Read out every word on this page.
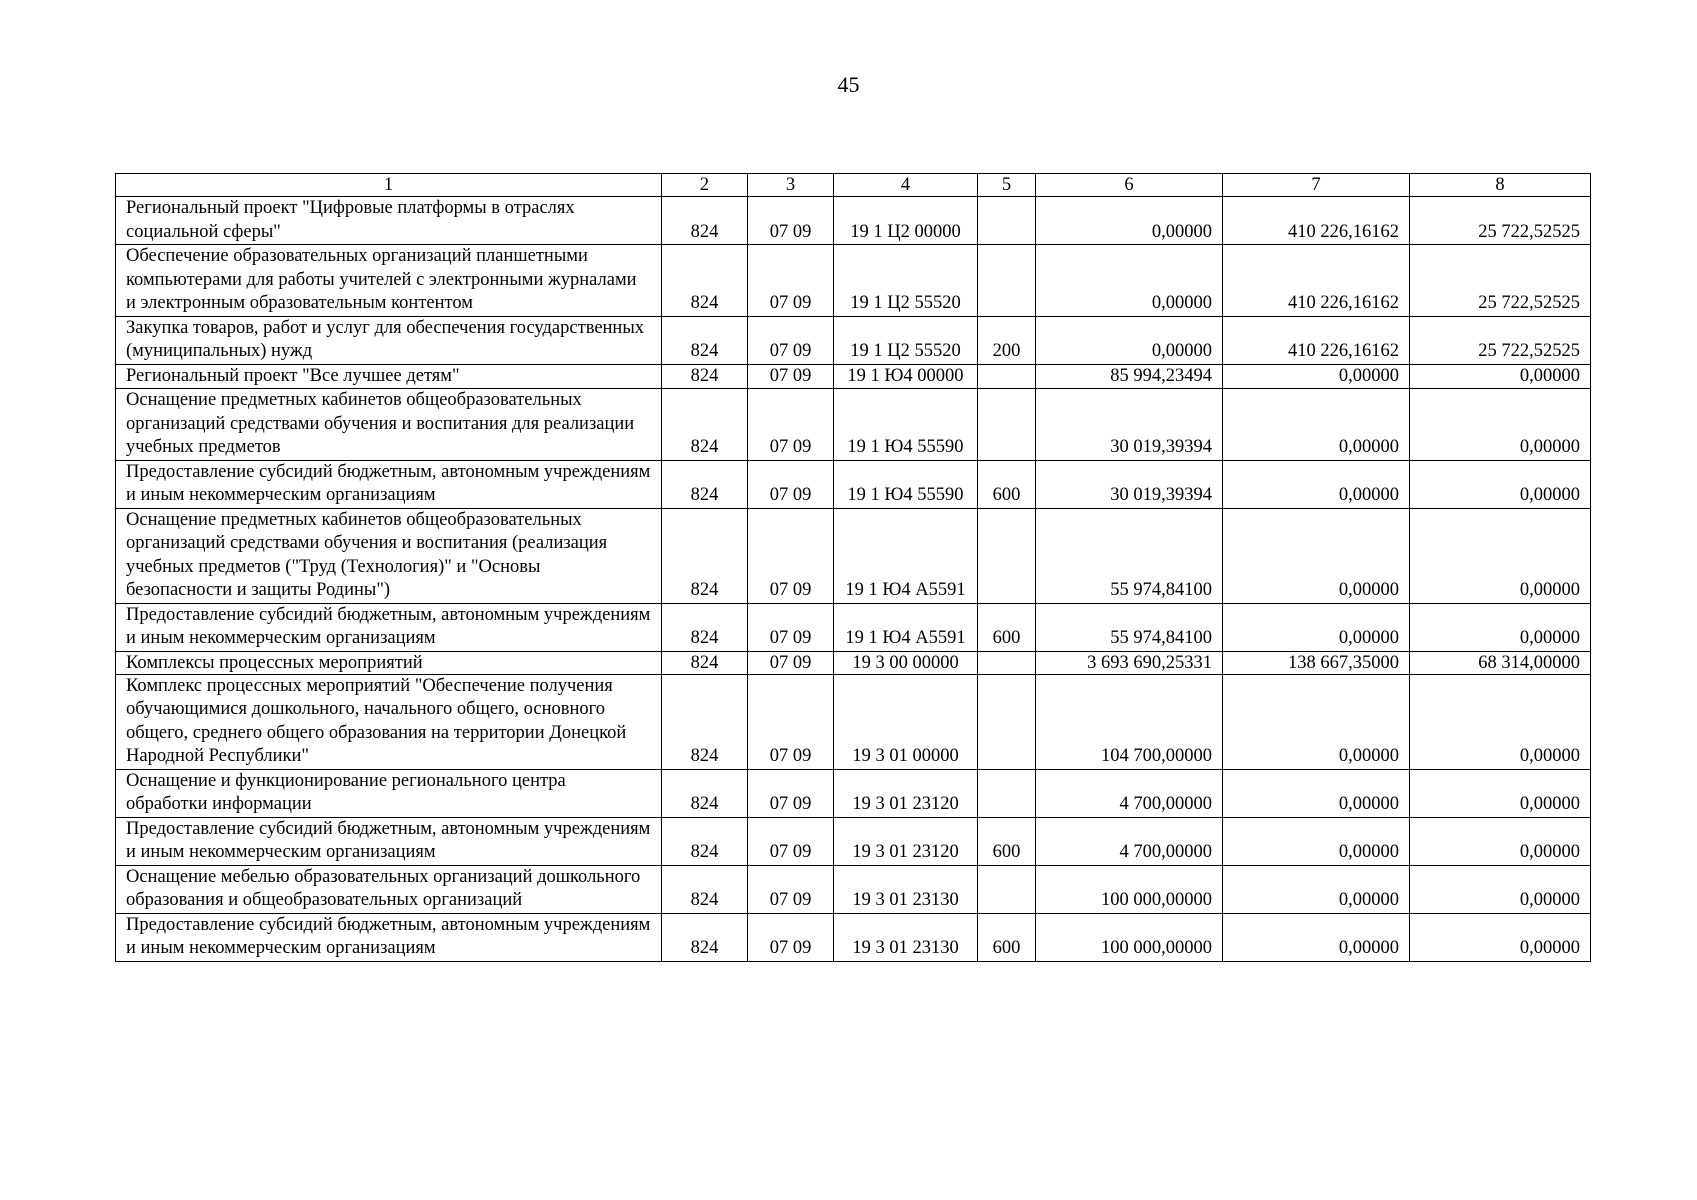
45
1	2	3	4	5	6	7	8
Региональный проект "Цифровые платформы в отраслях социальной сферы"	824	07 09	19 1 Ц2 00000		0,00000	410 226,16162	25 722,52525
Обеспечение образовательных организаций планшетными компьютерами для работы учителей с электронными журналами и электронным образовательным контентом	824	07 09	19 1 Ц2 55520		0,00000	410 226,16162	25 722,52525
Закупка товаров, работ и услуг для обеспечения государственных (муниципальных) нужд	824	07 09	19 1 Ц2 55520	200	0,00000	410 226,16162	25 722,52525
Региональный проект "Все лучшее детям"	824	07 09	19 1 Ю4 00000		85 994,23494	0,00000	0,00000
Оснащение предметных кабинетов общеобразовательных организаций средствами обучения и воспитания для реализации учебных предметов	824	07 09	19 1 Ю4 55590		30 019,39394	0,00000	0,00000
Предоставление субсидий бюджетным, автономным учреждениям и иным некоммерческим организациям	824	07 09	19 1 Ю4 55590	600	30 019,39394	0,00000	0,00000
Оснащение предметных кабинетов общеобразовательных организаций средствами обучения и воспитания (реализация учебных предметов ("Труд (Технология)" и "Основы безопасности и защиты Родины")	824	07 09	19 1 Ю4 А5591		55 974,84100	0,00000	0,00000
Предоставление субсидий бюджетным, автономным учреждениям и иным некоммерческим организациям	824	07 09	19 1 Ю4 А5591	600	55 974,84100	0,00000	0,00000
Комплексы процессных мероприятий	824	07 09	19 3 00 00000		3 693 690,25331	138 667,35000	68 314,00000
Комплекс процессных мероприятий "Обеспечение получения обучающимися дошкольного, начального общего, основного общего, среднего общего образования на территории Донецкой Народной Республики"	824	07 09	19 3 01 00000		104 700,00000	0,00000	0,00000
Оснащение и функционирование регионального центра обработки информации	824	07 09	19 3 01 23120		4 700,00000	0,00000	0,00000
Предоставление субсидий бюджетным, автономным учреждениям и иным некоммерческим организациям	824	07 09	19 3 01 23120	600	4 700,00000	0,00000	0,00000
Оснащение мебелью образовательных организаций дошкольного образования и общеобразовательных организаций	824	07 09	19 3 01 23130		100 000,00000	0,00000	0,00000
Предоставление субсидий бюджетным, автономным учреждениям и иным некоммерческим организациям	824	07 09	19 3 01 23130	600	100 000,00000	0,00000	0,00000
